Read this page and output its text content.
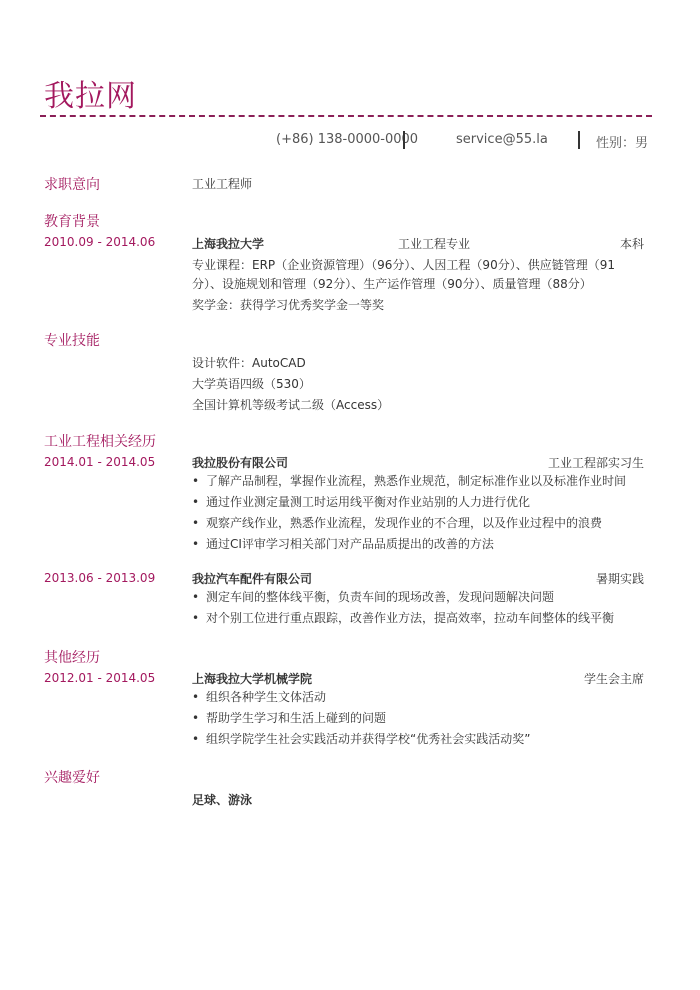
我拉网
(+86) 138-0000-0000	service@55.la	性别：男
求职意向	工业工程师
教育背景
2010.09 - 2014.06	上海我拉大学	工业工程专业	本科
专业课程：ERP（企业资源管理）（96分）、人因工程（90分）、供应链管理（91
分）、设施规划和管理（92分）、生产运作管理（90分）、质量管理（88分）
奖学金：获得学习优秀奖学金一等奖
专业技能
设计软件：AutoCAD
大学英语四级（530）
全国计算机等级考试二级（Access）
工业工程相关经历
2014.01 - 2014.05	我拉股份有限公司	工业工程部实习生
• 了解产品制程，掌握作业流程，熟悉作业规范，制定标准作业以及标准作业时间
• 通过作业测定量测工时运用线平衡对作业站别的人力进行优化
• 观察产线作业，熟悉作业流程，发现作业的不合理，以及作业过程中的浪费
• 通过CI评审学习相关部门对产品品质提出的改善的方法
2013.06 - 2013.09	我拉汽车配件有限公司	暑期实践
• 测定车间的整体线平衡，负责车间的现场改善，发现问题解决问题
• 对个别工位进行重点跟踪，改善作业方法，提高效率，拉动车间整体的线平衡
其他经历
2012.01 - 2014.05	上海我拉大学机械学院	学生会主席
• 组织各种学生文体活动
• 帮助学生学习和生活上碰到的问题
• 组织学院学生社会实践活动并获得学校“优秀社会实践活动奖”
兴趣爱好
足球、游泳
